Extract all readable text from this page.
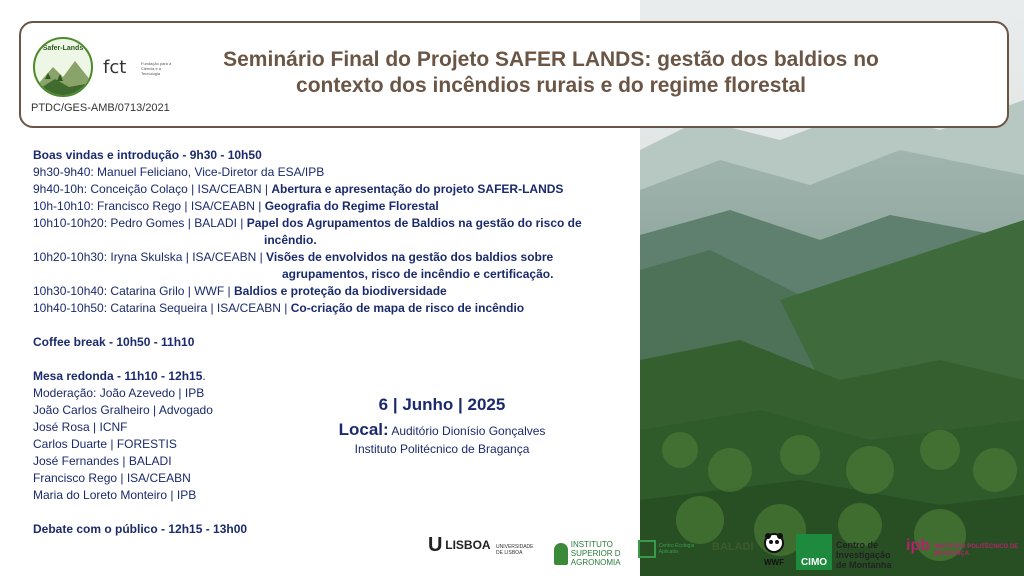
Safer-Lands
fct	Fundação para a Ciência e a Tecnologia
PTDC/GES-AMB/0713/2021
Seminário Final do Projeto SAFER LANDS: gestão dos baldios no
contexto dos incêndios rurais e do regime florestal
Boas vindas e introdução - 9h30 - 10h50
9h30-9h40: Manuel Feliciano, Vice-Diretor da ESA/IPB
9h40-10h: Conceição Colaço | ISA/CEABN | Abertura e apresentação do projeto SAFER-LANDS
10h-10h10: Francisco Rego | ISA/CEABN | Geografia do Regime Florestal
10h10-10h20: Pedro Gomes | BALADI | Papel dos Agrupamentos de Baldios na gestão do risco de
incêndio.
10h20-10h30: Iryna Skulska | ISA/CEABN | Visões de envolvidos na gestão dos baldios sobre
agrupamentos, risco de incêndio e certificação.
10h30-10h40: Catarina Grilo | WWF | Baldios e proteção da biodiversidade
10h40-10h50: Catarina Sequeira | ISA/CEABN | Co-criação de mapa de risco de incêndio
Coffee break - 10h50 - 11h10
Mesa redonda - 11h10 - 12h15.
Moderação: João Azevedo | IPB
João Carlos Gralheiro | Advogado
José Rosa | ICNF
Carlos Duarte | FORESTIS
José Fernandes | BALADI
Francisco Rego | ISA/CEABN
Maria do Loreto Monteiro | IPB
Debate com o público - 12h15 - 13h00
6 | Junho | 2025
Local: Auditório Dionísio Gonçalves
Instituto Politécnico de Bragança
U LISBOA UNIVERSIDADE DE LISBOA
INSTITUTO SUPERIOR D AGRONOMIA
Centro Ecologia Aplicada	BALADI
WWF	CIMO
Centro de Investigação de Montanha
ipb INSTITUTO POLITÉCNICO DE BRAGANÇA
